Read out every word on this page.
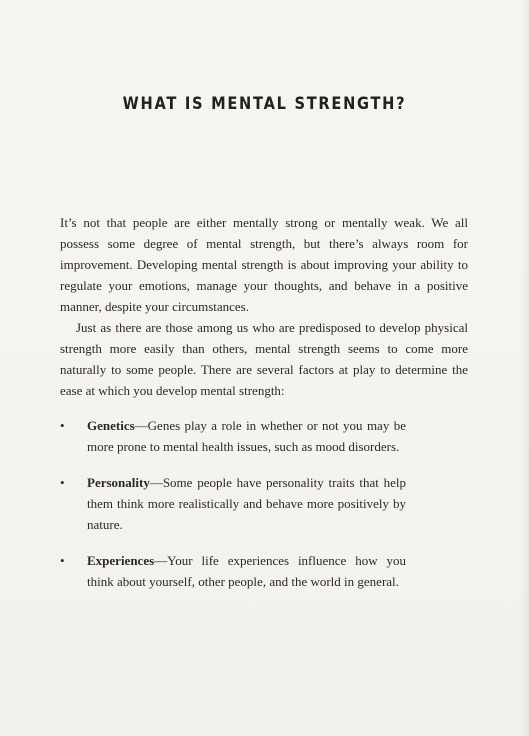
WHAT IS MENTAL STRENGTH?

It’s not that people are either mentally strong or mentally weak. We all possess some degree of mental strength, but there’s always room for improvement. Developing mental strength is about improving your ability to regulate your emotions, manage your thoughts, and behave in a positive manner, despite your circumstances.

Just as there are those among us who are predisposed to develop physical strength more easily than others, mental strength seems to come more naturally to some people. There are several factors at play to determine the ease at which you develop mental strength:

•	Genetics—Genes play a role in whether or not you may be more prone to mental health issues, such as mood disorders.
•	Personality—Some people have personality traits that help them think more realistically and behave more positively by nature.
•	Experiences—Your life experiences influence how you think about yourself, other people, and the world in general.
